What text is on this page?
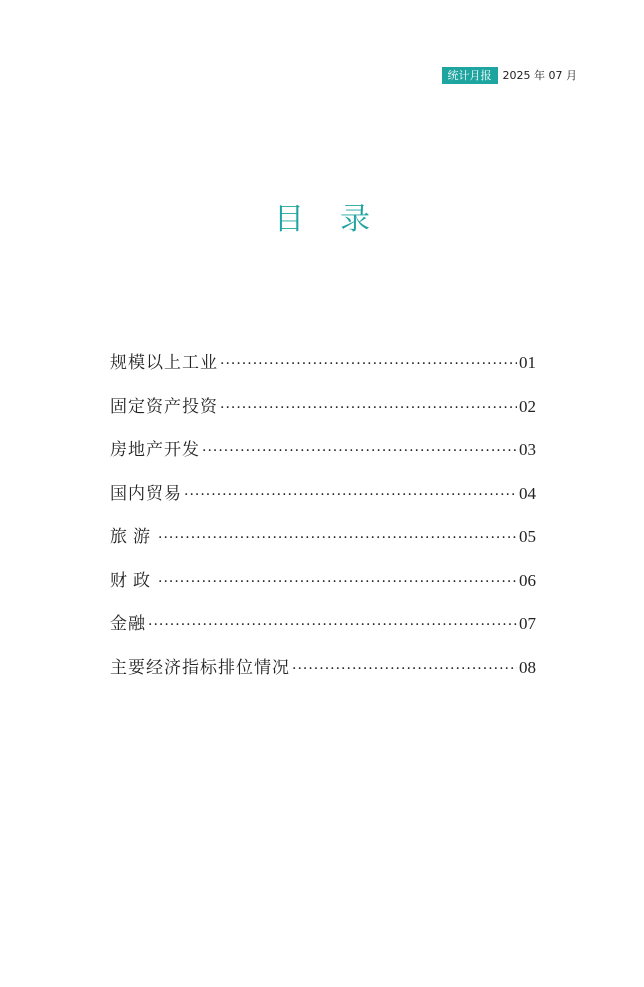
统计月报	2025 年 07 月
目 录
规模以上工业 ·····	01
固定资产投资 ·····	02
房地产开发 ·····	03
国内贸易 ·····	04
旅游 ·····	05
财政 ·····	06
金融 ·····	07
主要经济指标排位情况 ·····	08
